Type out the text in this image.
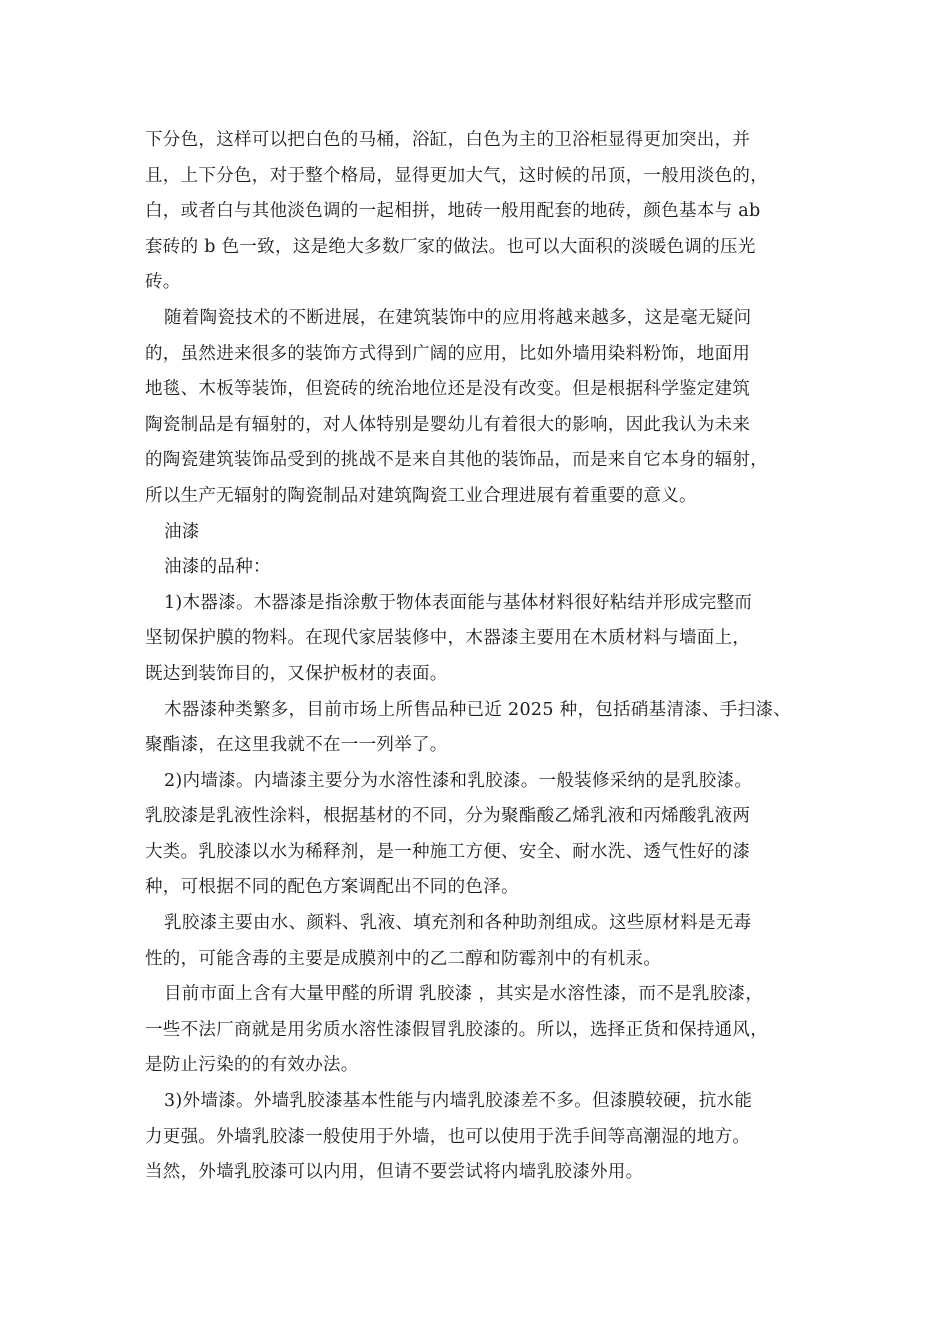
下分色，这样可以把白色的马桶，浴缸，白色为主的卫浴柜显得更加突出，并
且，上下分色，对于整个格局，显得更加大气，这时候的吊顶，一般用淡色的，
白，或者白与其他淡色调的一起相拼，地砖一般用配套的地砖，颜色基本与 ab
套砖的 b 色一致，这是绝大多数厂家的做法。也可以大面积的淡暖色调的压光
砖。
随着陶瓷技术的不断进展，在建筑装饰中的应用将越来越多，这是毫无疑问
的，虽然进来很多的装饰方式得到广阔的应用，比如外墙用染料粉饰，地面用
地毯、木板等装饰，但瓷砖的统治地位还是没有改变。但是根据科学鉴定建筑
陶瓷制品是有辐射的，对人体特别是婴幼儿有着很大的影响，因此我认为未来
的陶瓷建筑装饰品受到的挑战不是来自其他的装饰品，而是来自它本身的辐射，
所以生产无辐射的陶瓷制品对建筑陶瓷工业合理进展有着重要的意义。
油漆
油漆的品种：
1)木器漆。木器漆是指涂敷于物体表面能与基体材料很好粘结并形成完整而
坚韧保护膜的物料。在现代家居装修中，木器漆主要用在木质材料与墙面上，
既达到装饰目的，又保护板材的表面。
木器漆种类繁多，目前市场上所售品种已近 2025 种，包括硝基清漆、手扫漆、
聚酯漆，在这里我就不在一一列举了。
2)内墙漆。内墙漆主要分为水溶性漆和乳胶漆。一般装修采纳的是乳胶漆。
乳胶漆是乳液性涂料，根据基材的不同，分为聚酯酸乙烯乳液和丙烯酸乳液两
大类。乳胶漆以水为稀释剂，是一种施工方便、安全、耐水洗、透气性好的漆
种，可根据不同的配色方案调配出不同的色泽。
乳胶漆主要由水、颜料、乳液、填充剂和各种助剂组成。这些原材料是无毒
性的，可能含毒的主要是成膜剂中的乙二醇和防霉剂中的有机汞。
目前市面上含有大量甲醛的所谓 乳胶漆 ，其实是水溶性漆，而不是乳胶漆，
一些不法厂商就是用劣质水溶性漆假冒乳胶漆的。所以，选择正货和保持通风，
是防止污染的的有效办法。
3)外墙漆。外墙乳胶漆基本性能与内墙乳胶漆差不多。但漆膜较硬，抗水能
力更强。外墙乳胶漆一般使用于外墙，也可以使用于洗手间等高潮湿的地方。
当然，外墙乳胶漆可以内用，但请不要尝试将内墙乳胶漆外用。
